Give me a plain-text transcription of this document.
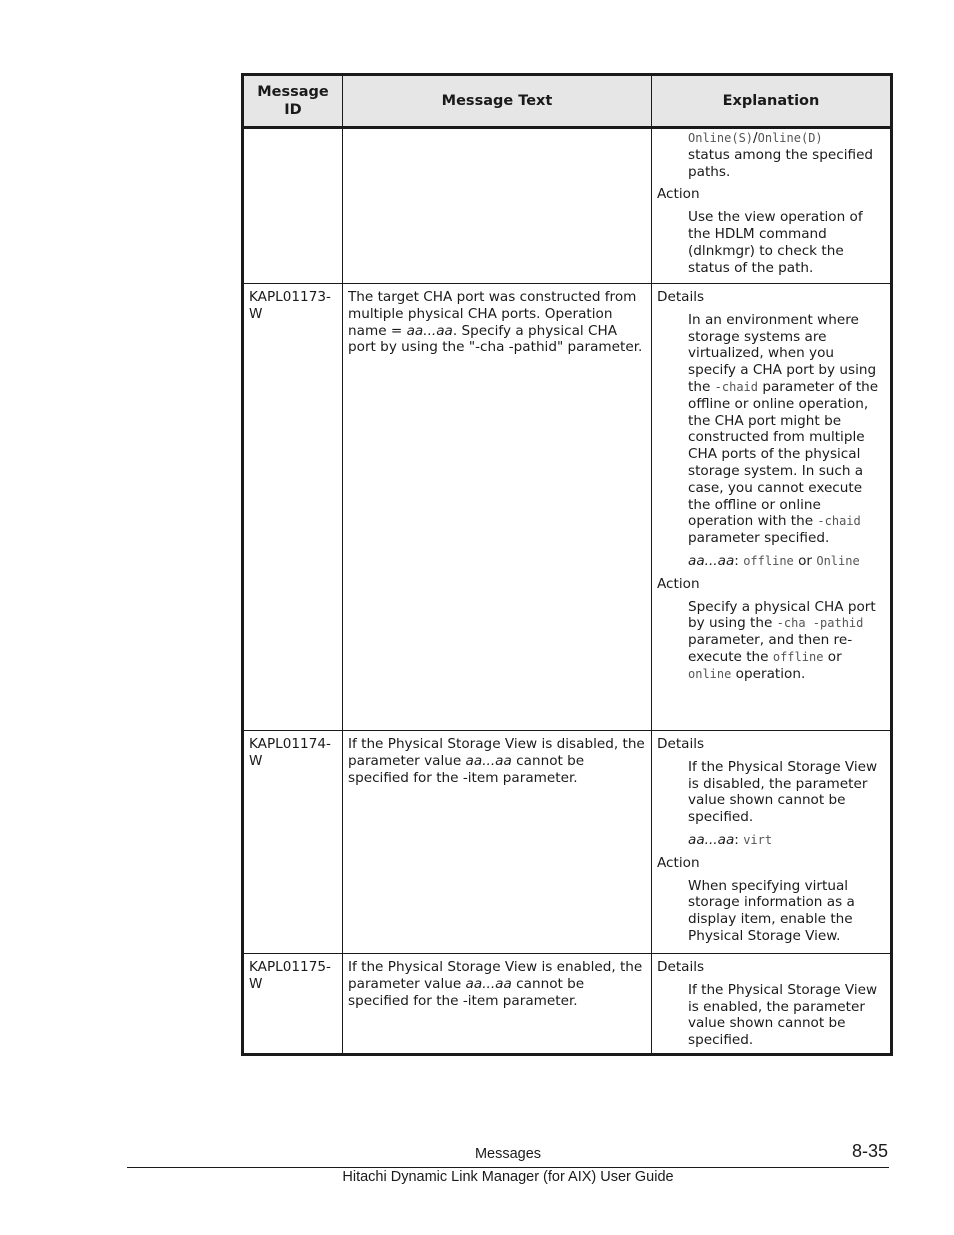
Message ID	Message Text	Explanation

		Online(S)/Online(D)
status among the specified paths.

Action

Use the view operation of the HDLM command (dlnkmgr) to check the status of the path.

KAPL01173-W	The target CHA port was constructed from multiple physical CHA ports. Operation name = aa...aa. Specify a physical CHA port by using the "-cha -pathid" parameter.	Details

In an environment where storage systems are virtualized, when you specify a CHA port by using the -chaid parameter of the offline or online operation, the CHA port might be constructed from multiple CHA ports of the physical storage system. In such a case, you cannot execute the offline or online operation with the -chaid parameter specified.

aa...aa: offline or Online

Action

Specify a physical CHA port by using the -cha -pathid parameter, and then re-execute the offline or online operation.

KAPL01174-W	If the Physical Storage View is disabled, the parameter value aa...aa cannot be specified for the -item parameter.	Details

If the Physical Storage View is disabled, the parameter value shown cannot be specified.

aa...aa: virt

Action

When specifying virtual storage information as a display item, enable the Physical Storage View.

KAPL01175-W	If the Physical Storage View is enabled, the parameter value aa...aa cannot be specified for the -item parameter.	Details

If the Physical Storage View is enabled, the parameter value shown cannot be specified.

Messages	8-35
Hitachi Dynamic Link Manager (for AIX) User Guide
